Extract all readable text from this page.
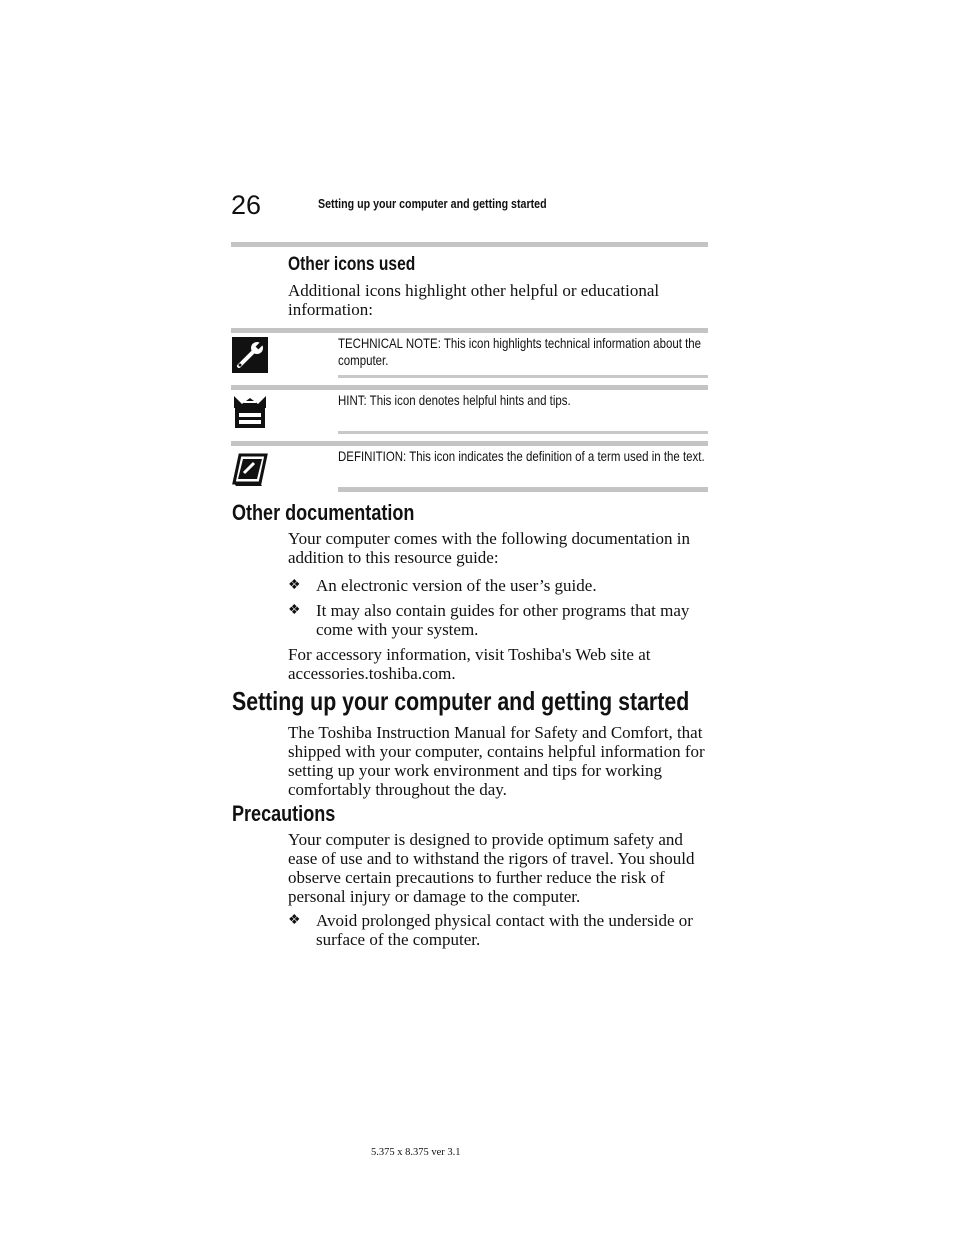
26	Setting up your computer and getting started
Other icons used
Additional icons highlight other helpful or educational information:
TECHNICAL NOTE: This icon highlights technical information about the computer.
HINT: This icon denotes helpful hints and tips.
DEFINITION: This icon indicates the definition of a term used in the text.
Other documentation
Your computer comes with the following documentation in addition to this resource guide:
❖ An electronic version of the user’s guide.
❖ It may also contain guides for other programs that may come with your system.
For accessory information, visit Toshiba's Web site at accessories.toshiba.com.
Setting up your computer and getting started
The Toshiba Instruction Manual for Safety and Comfort, that shipped with your computer, contains helpful information for setting up your work environment and tips for working comfortably throughout the day.
Precautions
Your computer is designed to provide optimum safety and ease of use and to withstand the rigors of travel. You should observe certain precautions to further reduce the risk of personal injury or damage to the computer.
❖ Avoid prolonged physical contact with the underside or surface of the computer.
5.375 x 8.375 ver 3.1
